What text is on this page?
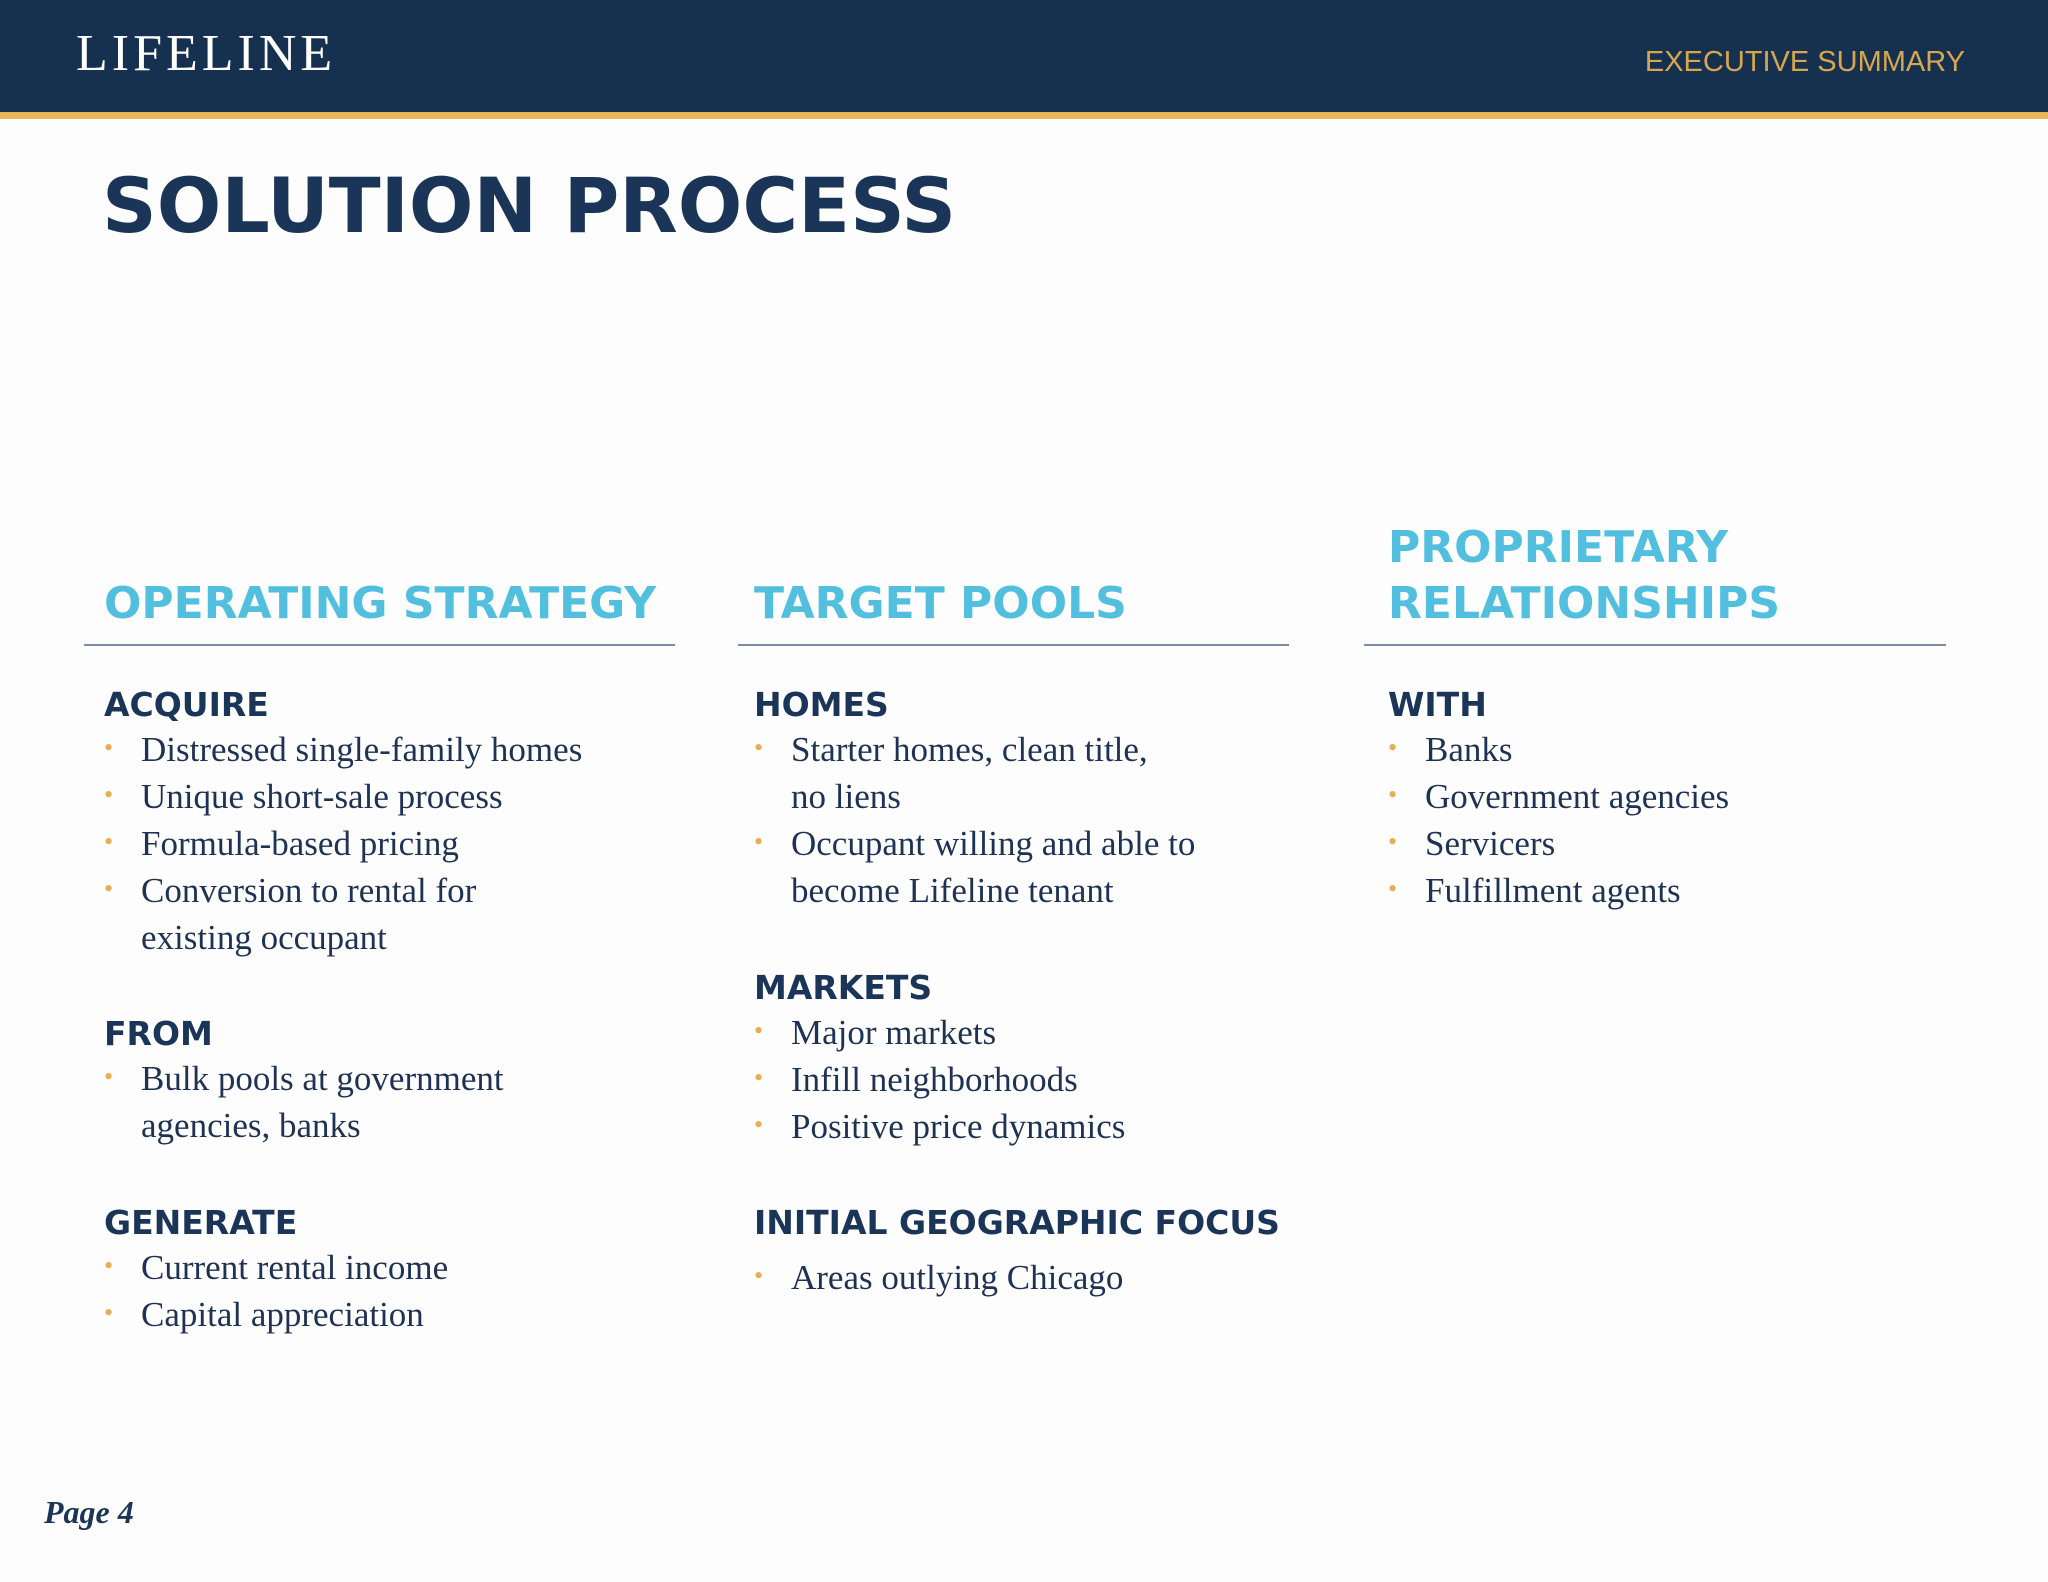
LIFELINE	EXECUTIVE SUMMARY
SOLUTION PROCESS
OPERATING STRATEGY
ACQUIRE
• Distressed single-family homes
• Unique short-sale process
• Formula-based pricing
• Conversion to rental for
existing occupant
FROM
• Bulk pools at government
agencies, banks
GENERATE
• Current rental income
• Capital appreciation
TARGET POOLS
HOMES
• Starter homes, clean title,
no liens
• Occupant willing and able to
become Lifeline tenant
MARKETS
• Major markets
• Infill neighborhoods
• Positive price dynamics
INITIAL GEOGRAPHIC FOCUS
• Areas outlying Chicago
PROPRIETARY
RELATIONSHIPS
WITH
• Banks
• Government agencies
• Servicers
• Fulfillment agents
Page 4
